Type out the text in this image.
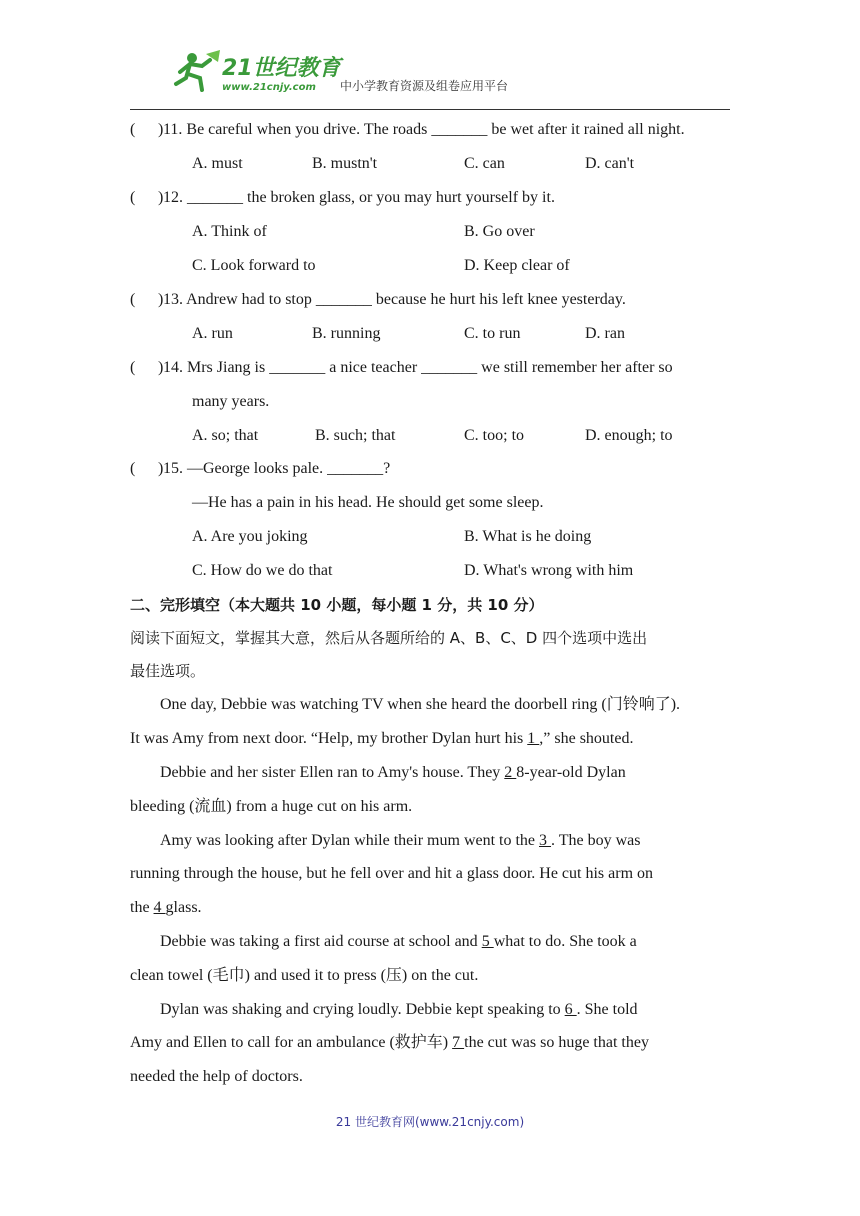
21世纪教育
www.21cnjy.com 中小学教育资源及组卷应用平台
( ) 11. Be careful when you drive. The roads _______ be wet after it rained all night.
A. must	B. mustn't	C. can	D. can't
( ) 12. _______ the broken glass, or you may hurt yourself by it.
A. Think of	B. Go over
C. Look forward to	D. Keep clear of
( ) 13. Andrew had to stop _______ because he hurt his left knee yesterday.
A. run	B. running	C. to run	D. ran
( ) 14. Mrs Jiang is _______ a nice teacher _______ we still remember her after so
many years.
A. so; that	B. such; that	C. too; to	D. enough; to
( ) 15. —George looks pale. _______?
—He has a pain in his head. He should get some sleep.
A. Are you joking	B. What is he doing
C. How do we do that	D. What's wrong with him
二、完形填空（本大题共 10 小题，每小题 1 分，共 10 分）
阅读下面短文，掌握其大意，然后从各题所给的 A、B、C、D 四个选项中选出
最佳选项。
One day, Debbie was watching TV when she heard the doorbell ring (门铃响了).
It was Amy from next door. “Help, my brother Dylan hurt his 1 ,” she shouted.
Debbie and her sister Ellen ran to Amy's house. They 2 8-year-old Dylan
bleeding (流血) from a huge cut on his arm.
Amy was looking after Dylan while their mum went to the 3 . The boy was
running through the house, but he fell over and hit a glass door. He cut his arm on
the 4 glass.
Debbie was taking a first aid course at school and 5 what to do. She took a
clean towel (毛巾) and used it to press (压) on the cut.
Dylan was shaking and crying loudly. Debbie kept speaking to 6 . She told
Amy and Ellen to call for an ambulance (救护车) 7 the cut was so huge that they
needed the help of doctors.
21 世纪教育网(www.21cnjy.com)
